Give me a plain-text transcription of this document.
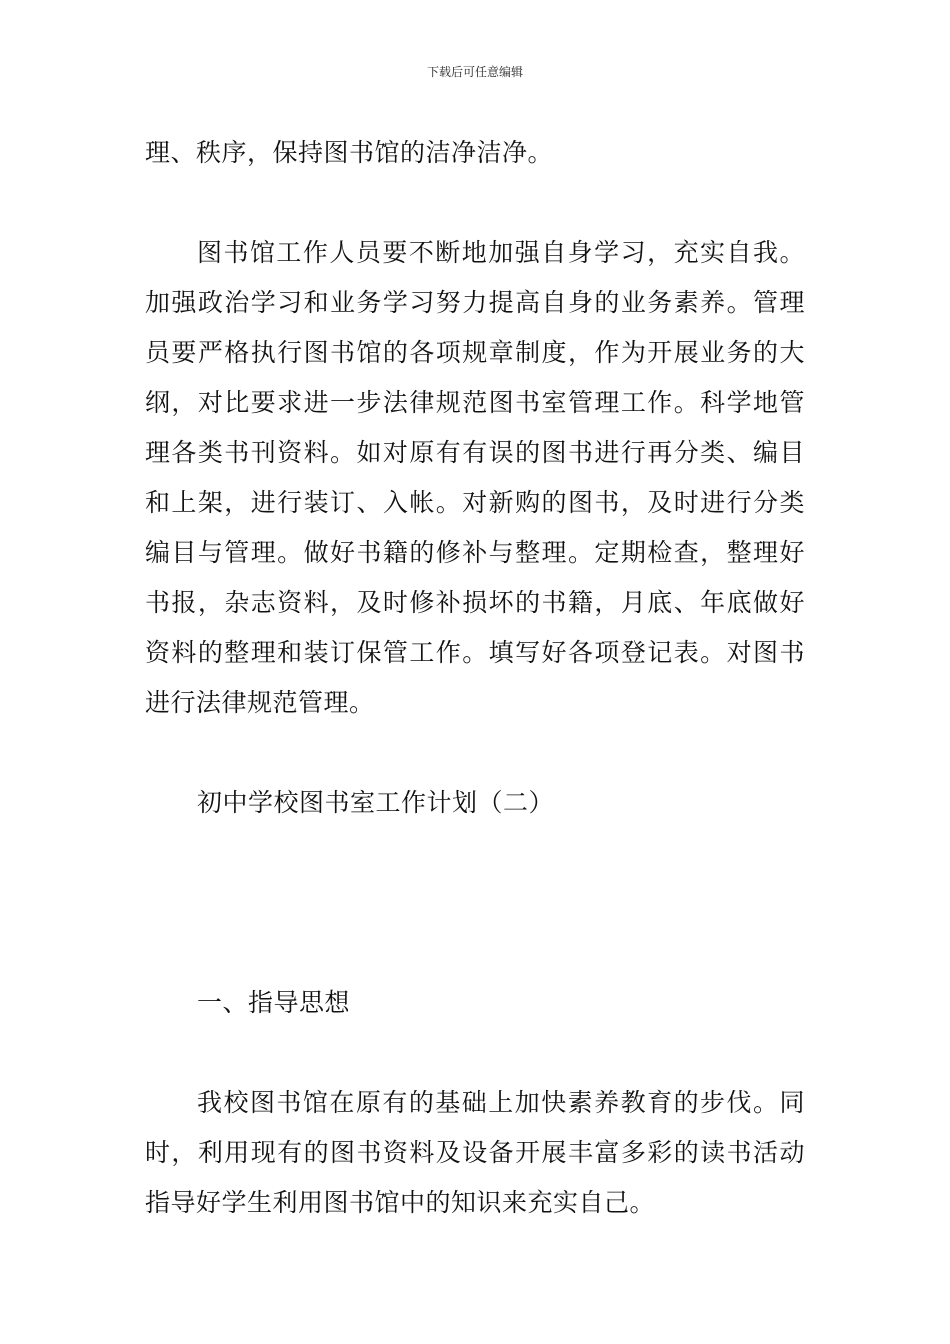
下载后可任意编辑

理、秩序，保持图书馆的洁净洁净。

图书馆工作人员要不断地加强自身学习，充实自我。加强政治学习和业务学习努力提高自身的业务素养。管理员要严格执行图书馆的各项规章制度，作为开展业务的大纲，对比要求进一步法律规范图书室管理工作。科学地管理各类书刊资料。如对原有有误的图书进行再分类、编目和上架，进行装订、入帐。对新购的图书，及时进行分类编目与管理。做好书籍的修补与整理。定期检查，整理好书报，杂志资料，及时修补损坏的书籍，月底、年底做好资料的整理和装订保管工作。填写好各项登记表。对图书进行法律规范管理。

初中学校图书室工作计划（二）

一、指导思想

我校图书馆在原有的基础上加快素养教育的步伐。同时，利用现有的图书资料及设备开展丰富多彩的读书活动指导好学生利用图书馆中的知识来充实自己。
